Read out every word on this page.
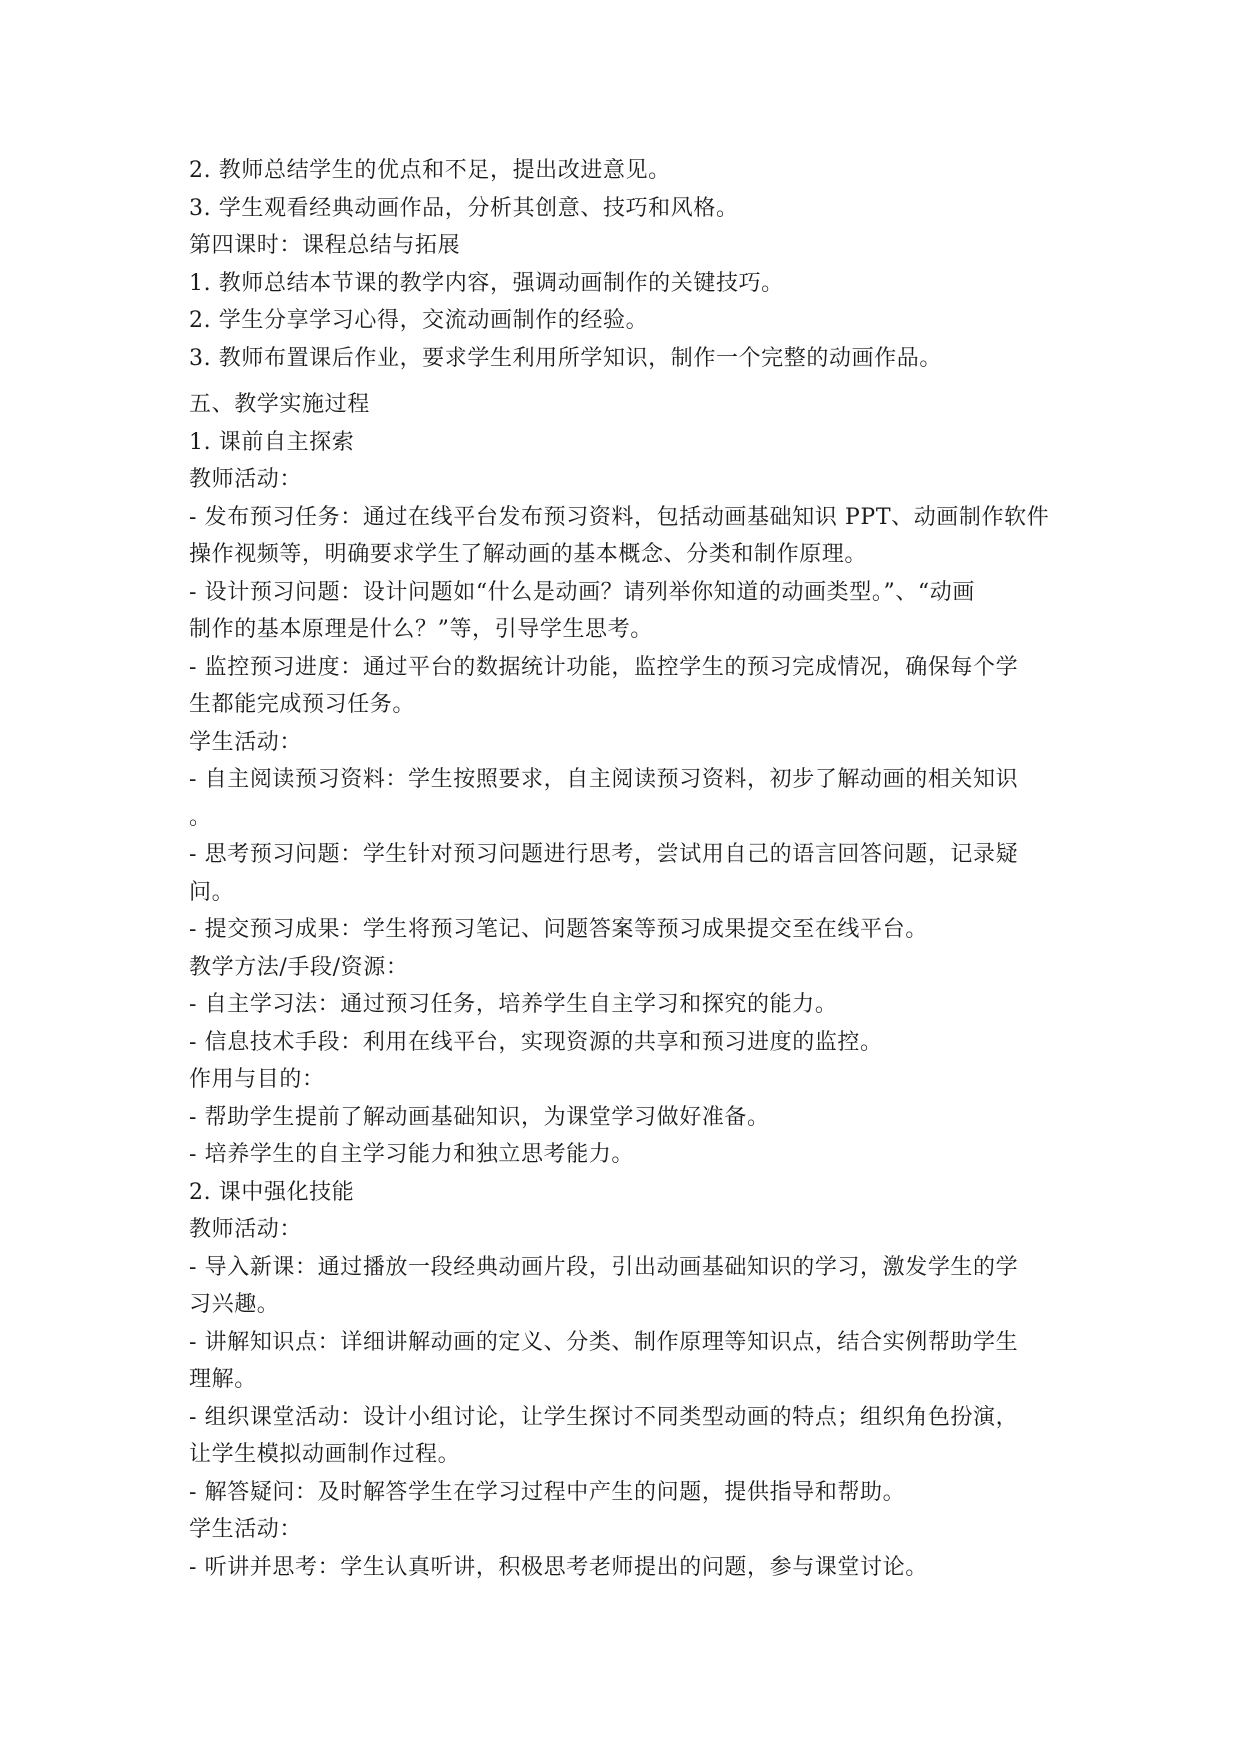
2. 教师总结学生的优点和不足，提出改进意见。

3. 学生观看经典动画作品，分析其创意、技巧和风格。

第四课时：课程总结与拓展

1. 教师总结本节课的教学内容，强调动画制作的关键技巧。

2. 学生分享学习心得，交流动画制作的经验。

3. 教师布置课后作业，要求学生利用所学知识，制作一个完整的动画作品。

五、教学实施过程

1. 课前自主探索

教师活动：

- 发布预习任务：通过在线平台发布预习资料，包括动画基础知识 PPT、动画制作软件

操作视频等，明确要求学生了解动画的基本概念、分类和制作原理。

- 设计预习问题：设计问题如“什么是动画？请列举你知道的动画类型。”、“动画

制作的基本原理是什么？”等，引导学生思考。

- 监控预习进度：通过平台的数据统计功能，监控学生的预习完成情况，确保每个学

生都能完成预习任务。

学生活动：

- 自主阅读预习资料：学生按照要求，自主阅读预习资料，初步了解动画的相关知识

。

- 思考预习问题：学生针对预习问题进行思考，尝试用自己的语言回答问题，记录疑

问。

- 提交预习成果：学生将预习笔记、问题答案等预习成果提交至在线平台。

教学方法/手段/资源：

- 自主学习法：通过预习任务，培养学生自主学习和探究的能力。

- 信息技术手段：利用在线平台，实现资源的共享和预习进度的监控。

作用与目的：

- 帮助学生提前了解动画基础知识，为课堂学习做好准备。

- 培养学生的自主学习能力和独立思考能力。

2. 课中强化技能

教师活动：

- 导入新课：通过播放一段经典动画片段，引出动画基础知识的学习，激发学生的学

习兴趣。

- 讲解知识点：详细讲解动画的定义、分类、制作原理等知识点，结合实例帮助学生

理解。

- 组织课堂活动：设计小组讨论，让学生探讨不同类型动画的特点；组织角色扮演，

让学生模拟动画制作过程。

- 解答疑问：及时解答学生在学习过程中产生的问题，提供指导和帮助。

学生活动：

- 听讲并思考：学生认真听讲，积极思考老师提出的问题，参与课堂讨论。
